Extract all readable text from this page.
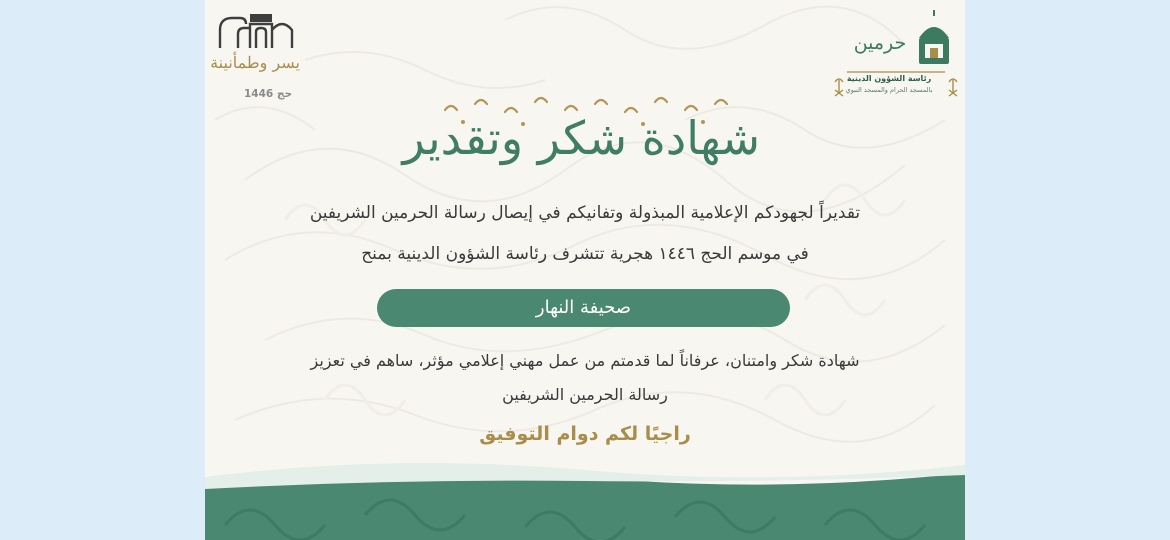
يسر وطمأنينة
حج 1446
حرمين
رئاسة الشؤون الدينية
بالمسجد الحرام والمسجد النبوي
شهادة شكر وتقدير
تقديراً لجهودكم الإعلامية المبذولة وتفانيكم في إيصال رسالة الحرمين الشريفين
في موسم الحج ١٤٤٦ هجرية تتشرف رئاسة الشؤون الدينية بمنح
صحيفة النهار
شهادة شكر وامتنان، عرفاناً لما قدمتم من عمل مهني إعلامي مؤثر، ساهم في تعزيز
رسالة الحرمين الشريفين
راجيًا لكم دوام التوفيق
